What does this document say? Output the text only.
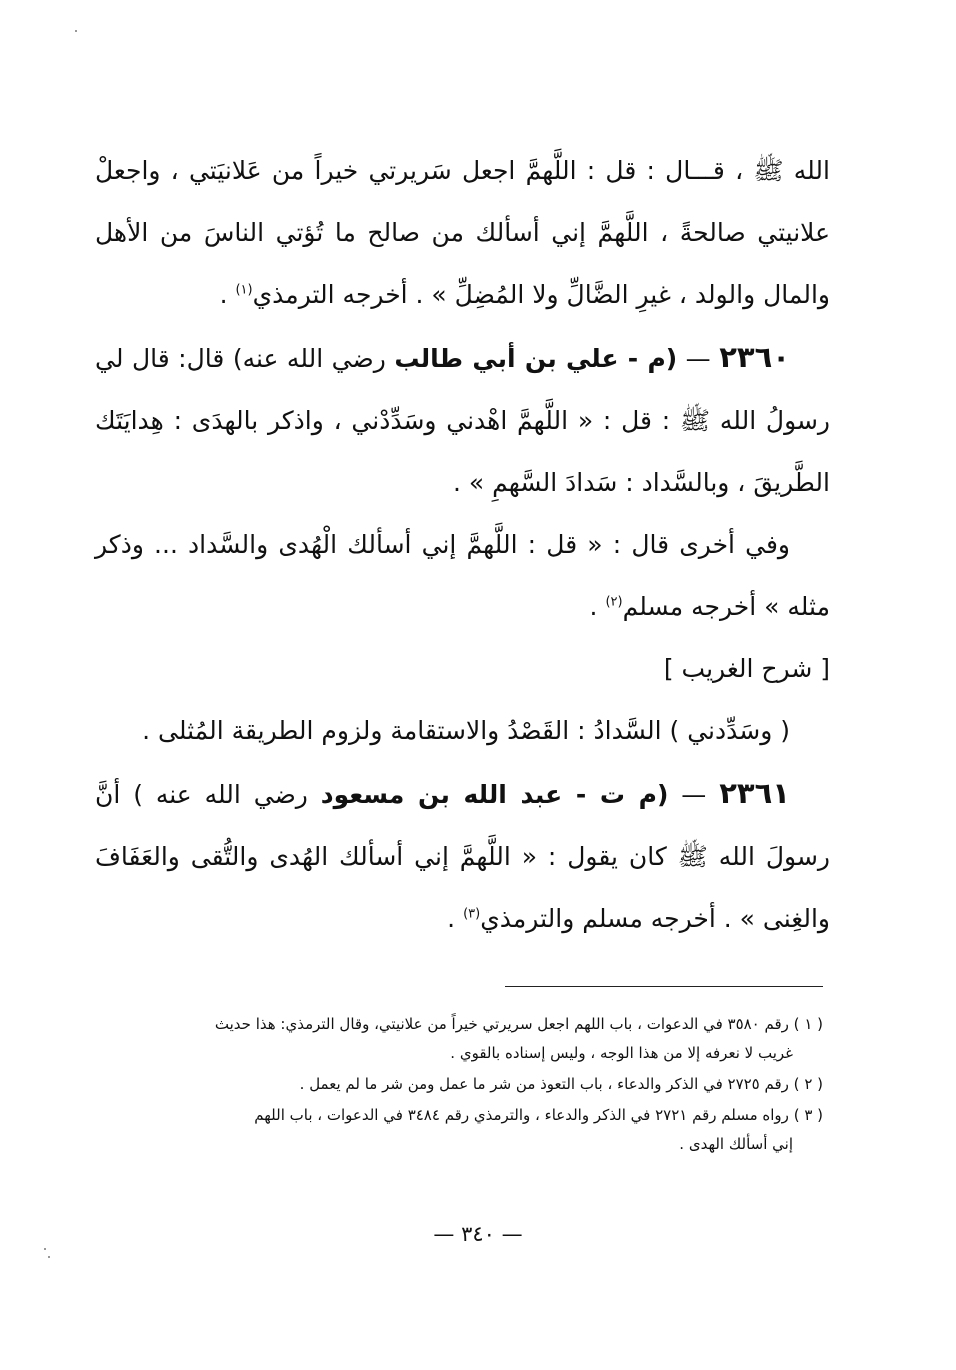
الله ﷺ ، قـــال : قل : اللَّهمَّ اجعل سَريرتي خيراً من عَلانيَتي ، واجعلْ علانيتي صالحةً ، اللَّهمَّ إني أسألك من صالح ما تُؤتي الناسَ من الأهل والمال والولد ، غيرِ الضَّالِّ ولا المُضِلِّ » . أخرجه الترمذي$^{(١)}$ .

٢٣٦٠ — (م - علي بن أبي طالب رضي الله عنه) قال: قال لي رسولُ الله ﷺ : قل : « اللَّهمَّ اهْدني وسَدِّدْني ، واذكر بالهدَى : هِدايَتَك الطَّريقَ ، وبالسَّداد : سَدادَ السَّهمِ » .

وفي أخرى قال : « قل : اللَّهمَّ إني أسألك الْهُدى والسَّداد ... وذكر مثله » أخرجه مسلم$^{(٢)}$ .

[ شرح الغريب ]

( وسَدِّدني ) السَّدادُ : القَصْدُ والاستقامة ولزوم الطريقة المُثلى .

٢٣٦١ — (م ت - عبد الله بن مسعود رضي الله عنه ) أنَّ رسولَ الله ﷺ كان يقول : « اللَّهمَّ إني أسألك الهُدى والتُّقى والعَفَافَ والغِنى » . أخرجه مسلم والترمذي$^{(٣)}$ .

( ١ ) رقم ٣٥٨٠ في الدعوات ، باب اللهم اجعل سريرتي خيراً من علانيتي، وقال الترمذي: هذا حديث
غريب لا نعرفه إلا من هذا الوجه ، وليس إسناده بالقوي .

( ٢ ) رقم ٢٧٢٥ في الذكر والدعاء ، باب التعوذ من شر ما عمل ومن شر ما لم يعمل .

( ٣ ) رواه مسلم رقم ٢٧٢١ في الذكر والدعاء ، والترمذي رقم ٣٤٨٤ في الدعوات ، باب اللهم
إني أسألك الهدى .

— ٣٤٠ —
